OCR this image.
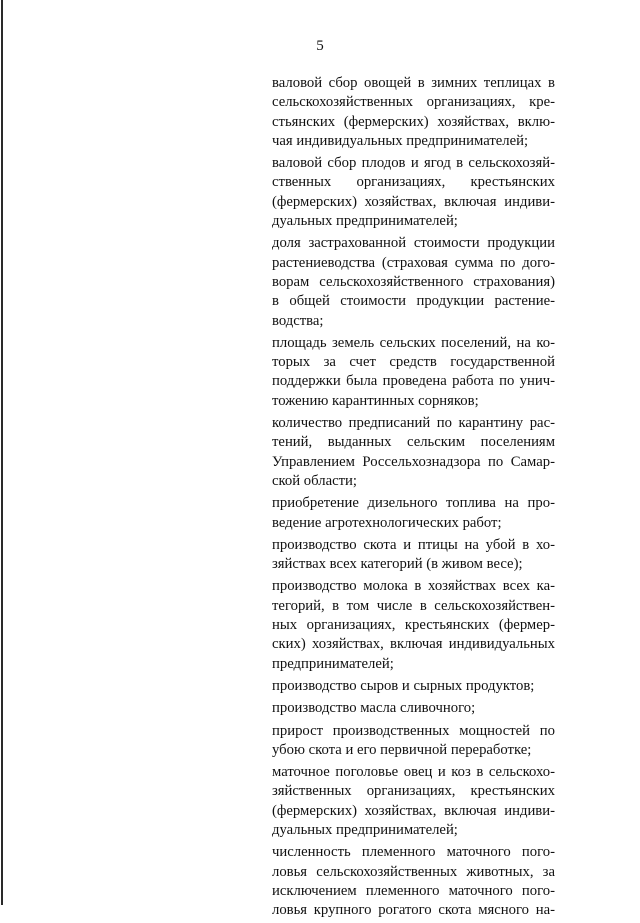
5
валовой сбор овощей в зимних теплицах в
сельскохозяйственных организациях, кре-
стьянских (фермерских) хозяйствах, вклю-
чая индивидуальных предпринимателей;
валовой сбор плодов и ягод в сельскохозяй-
ственных организациях, крестьянских
(фермерских) хозяйствах, включая индиви-
дуальных предпринимателей;
доля застрахованной стоимости продукции
растениеводства (страховая сумма по дого-
ворам сельскохозяйственного страхования)
в общей стоимости продукции растение-
водства;
площадь земель сельских поселений, на ко-
торых за счет средств государственной
поддержки была проведена работа по унич-
тожению карантинных сорняков;
количество предписаний по карантину рас-
тений, выданных сельским поселениям
Управлением Россельхознадзора по Самар-
ской области;
приобретение дизельного топлива на про-
ведение агротехнологических работ;
производство скота и птицы на убой в хо-
зяйствах всех категорий (в живом весе);
производство молока в хозяйствах всех ка-
тегорий, в том числе в сельскохозяйствен-
ных организациях, крестьянских (фермер-
ских) хозяйствах, включая индивидуальных
предпринимателей;
производство сыров и сырных продуктов;
производство масла сливочного;
прирост производственных мощностей по
убою скота и его первичной переработке;
маточное поголовье овец и коз в сельскохо-
зяйственных организациях, крестьянских
(фермерских) хозяйствах, включая индиви-
дуальных предпринимателей;
численность племенного маточного пого-
ловья сельскохозяйственных животных, за
исключением племенного маточного пого-
ловья крупного рогатого скота мясного на-
